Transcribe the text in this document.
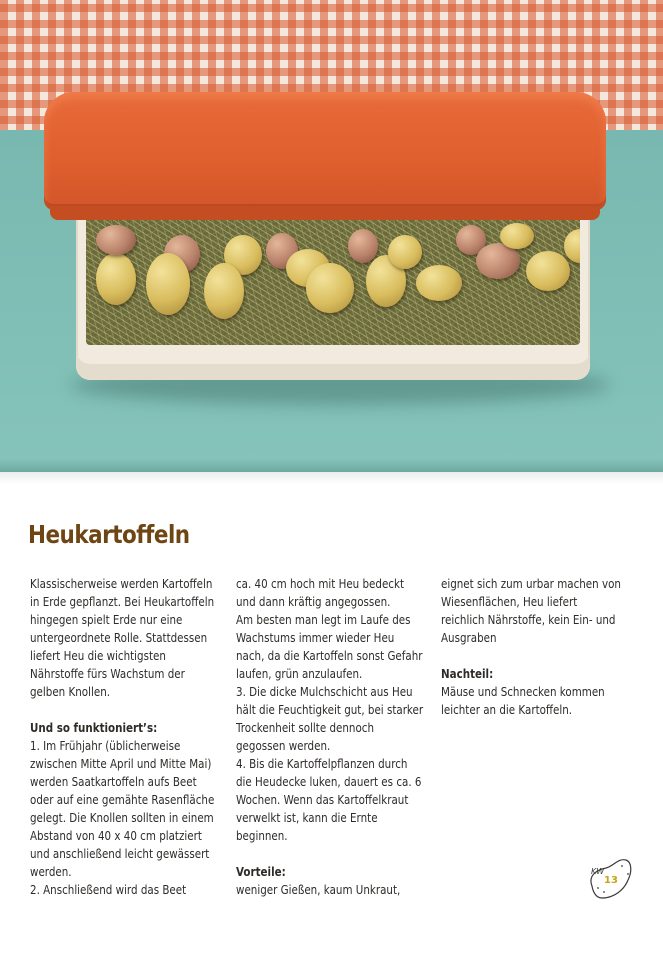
Heukartoffeln
Klassischerweise werden Kartoffeln
in Erde gepflanzt. Bei Heukartoffeln
hingegen spielt Erde nur eine
untergeordnete Rolle. Stattdessen
liefert Heu die wichtigsten
Nährstoffe fürs Wachstum der
gelben Knollen.
Und so funktioniert’s:
1. Im Frühjahr (üblicherweise
zwischen Mitte April und Mitte Mai)
werden Saatkartoffeln aufs Beet
oder auf eine gemähte Rasenfläche
gelegt. Die Knollen sollten in einem
Abstand von 40 x 40 cm platziert
und anschließend leicht gewässert
werden.
2. Anschließend wird das Beet
ca. 40 cm hoch mit Heu bedeckt
und dann kräftig angegossen.
Am besten man legt im Laufe des
Wachstums immer wieder Heu
nach, da die Kartoffeln sonst Gefahr
laufen, grün anzulaufen.
3. Die dicke Mulchschicht aus Heu
hält die Feuchtigkeit gut, bei starker
Trockenheit sollte dennoch
gegossen werden.
4. Bis die Kartoffelpflanzen durch
die Heudecke luken, dauert es ca. 6
Wochen. Wenn das Kartoffelkraut
verwelkt ist, kann die Ernte
beginnen.
Vorteile:
weniger Gießen, kaum Unkraut,
eignet sich zum urbar machen von
Wiesenflächen, Heu liefert
reichlich Nährstoffe, kein Ein- und
Ausgraben
Nachteil:
Mäuse und Schnecken kommen
leichter an die Kartoffeln.
KW
13
